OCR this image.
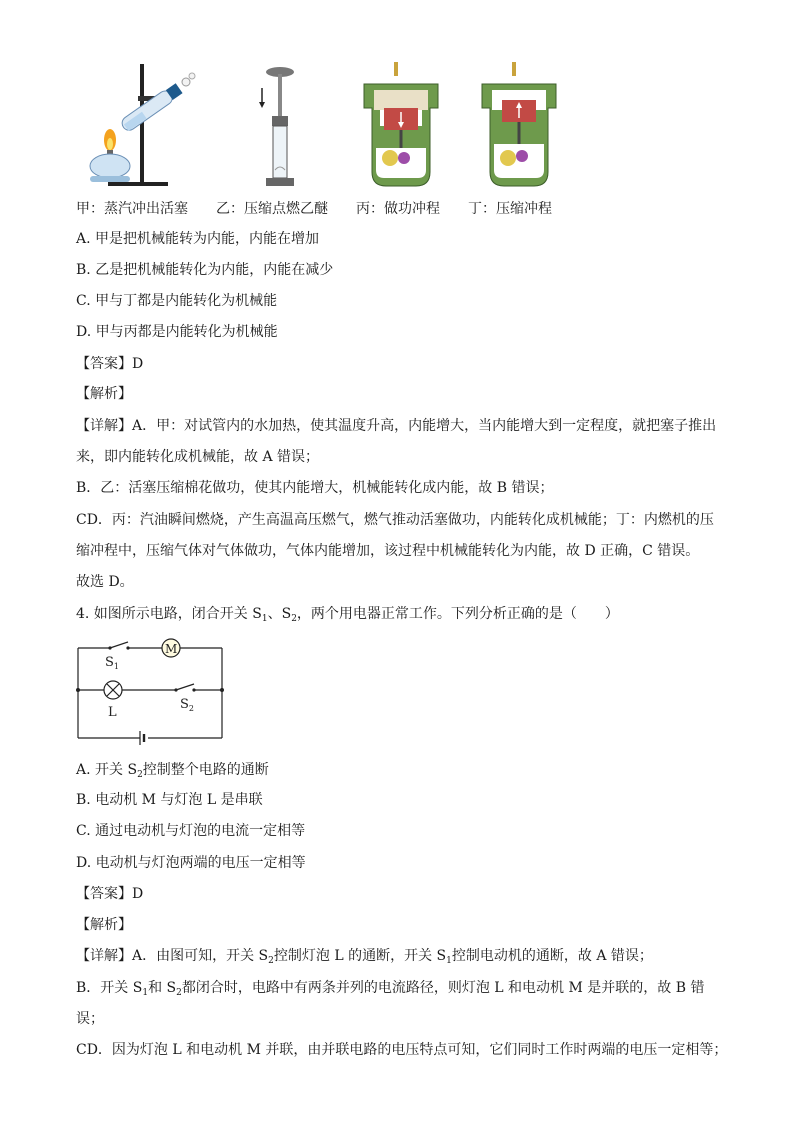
甲：蒸汽冲出活塞　　乙：压缩点燃乙醚　　丙：做功冲程　　丁：压缩冲程
A. 甲是把机械能转为内能，内能在增加
B. 乙是把机械能转化为内能，内能在减少
C. 甲与丁都是内能转化为机械能
D. 甲与丙都是内能转化为机械能
【答案】D
【解析】
【详解】A．甲：对试管内的水加热，使其温度升高，内能增大，当内能增大到一定程度，就把塞子推出
来，即内能转化成机械能，故 A 错误；
B．乙：活塞压缩棉花做功，使其内能增大，机械能转化成内能，故 B 错误；
CD．丙：汽油瞬间燃烧，产生高温高压燃气，燃气推动活塞做功，内能转化成机械能；丁：内燃机的压
缩冲程中，压缩气体对气体做功，气体内能增加，该过程中机械能转化为内能，故 D 正确，C 错误。
故选 D。
4. 如图所示电路，闭合开关 $S_1$、$S_2$，两个用电器正常工作。下列分析正确的是（　　）
$S_1$
M
L
$S_2$
A. 开关 $S_2$控制整个电路的通断
B. 电动机 M 与灯泡 L 是串联
C. 通过电动机与灯泡的电流一定相等
D. 电动机与灯泡两端的电压一定相等
【答案】D
【解析】
【详解】A．由图可知，开关 $S_2$控制灯泡 L 的通断，开关 $S_1$控制电动机的通断，故 A 错误；
B．开关 $S_1$和 $S_2$都闭合时，电路中有两条并列的电流路径，则灯泡 L 和电动机 M 是并联的，故 B 错
误；
CD．因为灯泡 L 和电动机 M 并联，由并联电路的电压特点可知，它们同时工作时两端的电压一定相等；
